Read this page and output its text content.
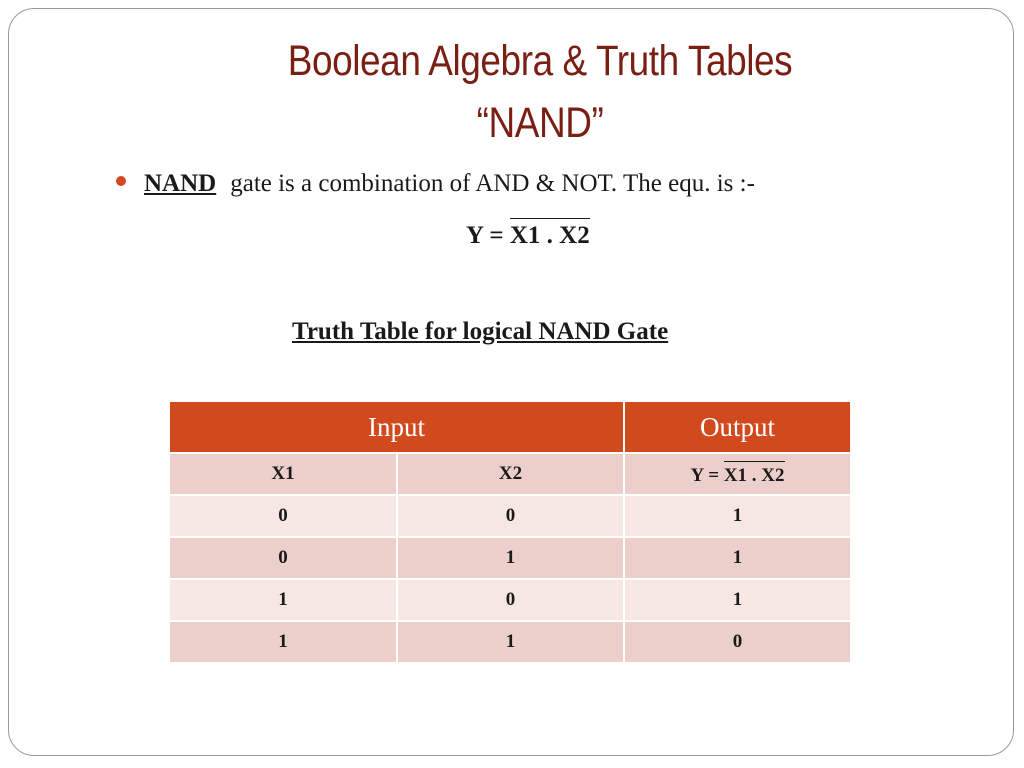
Boolean Algebra & Truth Tables
“NAND”
NAND gate is a combination of AND & NOT. The equ. is :-
Y = X1 . X2
Truth Table for logical NAND Gate
Input		Output
X1	X2	Y = X1 . X2
0	0	1
0	1	1
1	0	1
1	1	0
